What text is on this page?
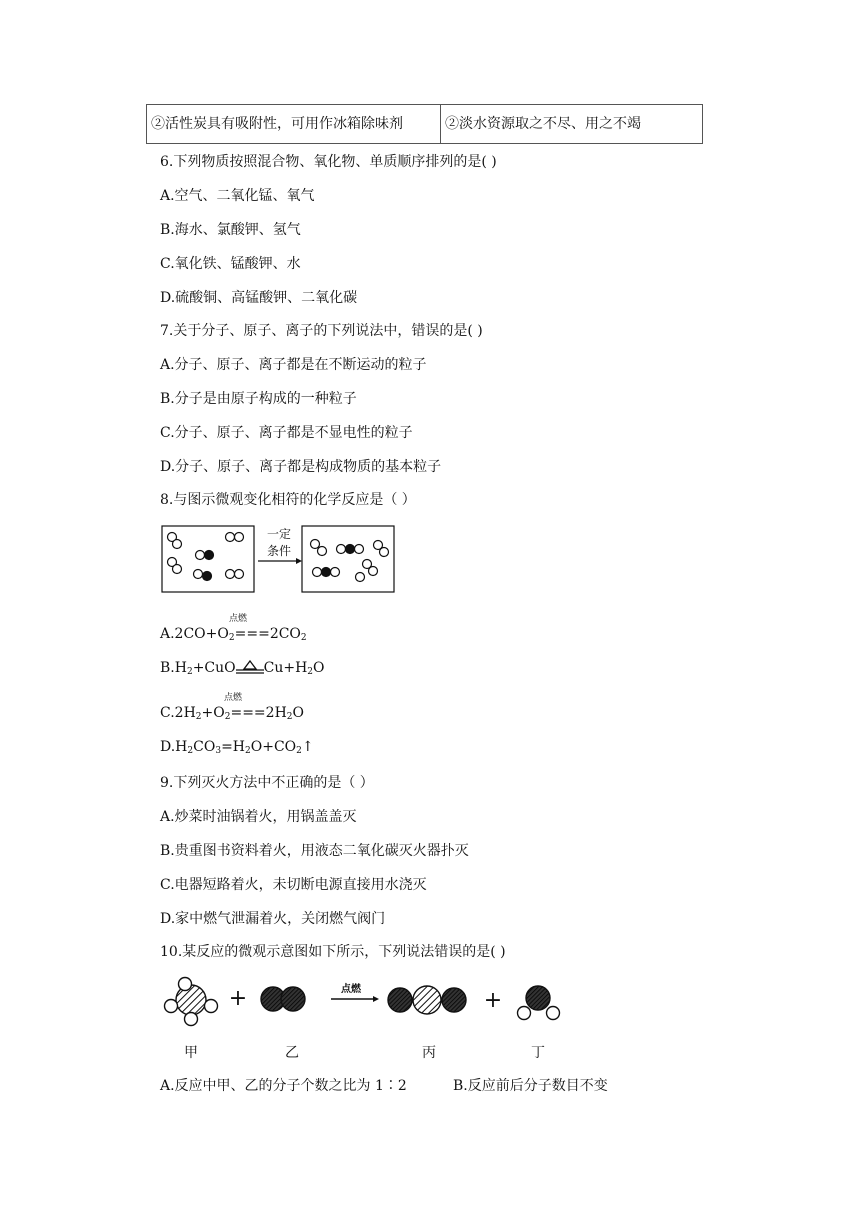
②活性炭具有吸附性，可用作冰箱除味剂	②淡水资源取之不尽、用之不竭
6.下列物质按照混合物、氧化物、单质顺序排列的是( )
A.空气、二氧化锰、氧气
B.海水、氯酸钾、氢气
C.氧化铁、锰酸钾、水
D.硫酸铜、高锰酸钾、二氧化碳
7.关于分子、原子、离子的下列说法中，错误的是( )
A.分子、原子、离子都是在不断运动的粒子
B.分子是由原子构成的一种粒子
C.分子、原子、离子都是不显电性的粒子
D.分子、原子、离子都是构成物质的基本粒子
8.与图示微观变化相符的化学反应是（ ）
一定
条件
点燃
$A.2CO+O_2===2CO_2$
$B.H_2+CuO$ $Cu+H_2O$
点燃
$C.2H_2+O_2===2H_2O$
$D.H_2CO_3=H_2O+CO_2↑$
9.下列灭火方法中不正确的是（ ）
A.炒菜时油锅着火，用锅盖盖灭
B.贵重图书资料着火，用液态二氧化碳灭火器扑灭
C.电器短路着火，未切断电源直接用水浇灭
D.家中燃气泄漏着火，关闭燃气阀门
10.某反应的微观示意图如下所示，下列说法错误的是( )
+	+
点燃
甲	乙	丙	丁
A.反应中甲、乙的分子个数之比为 1∶2	B.反应前后分子数目不变
